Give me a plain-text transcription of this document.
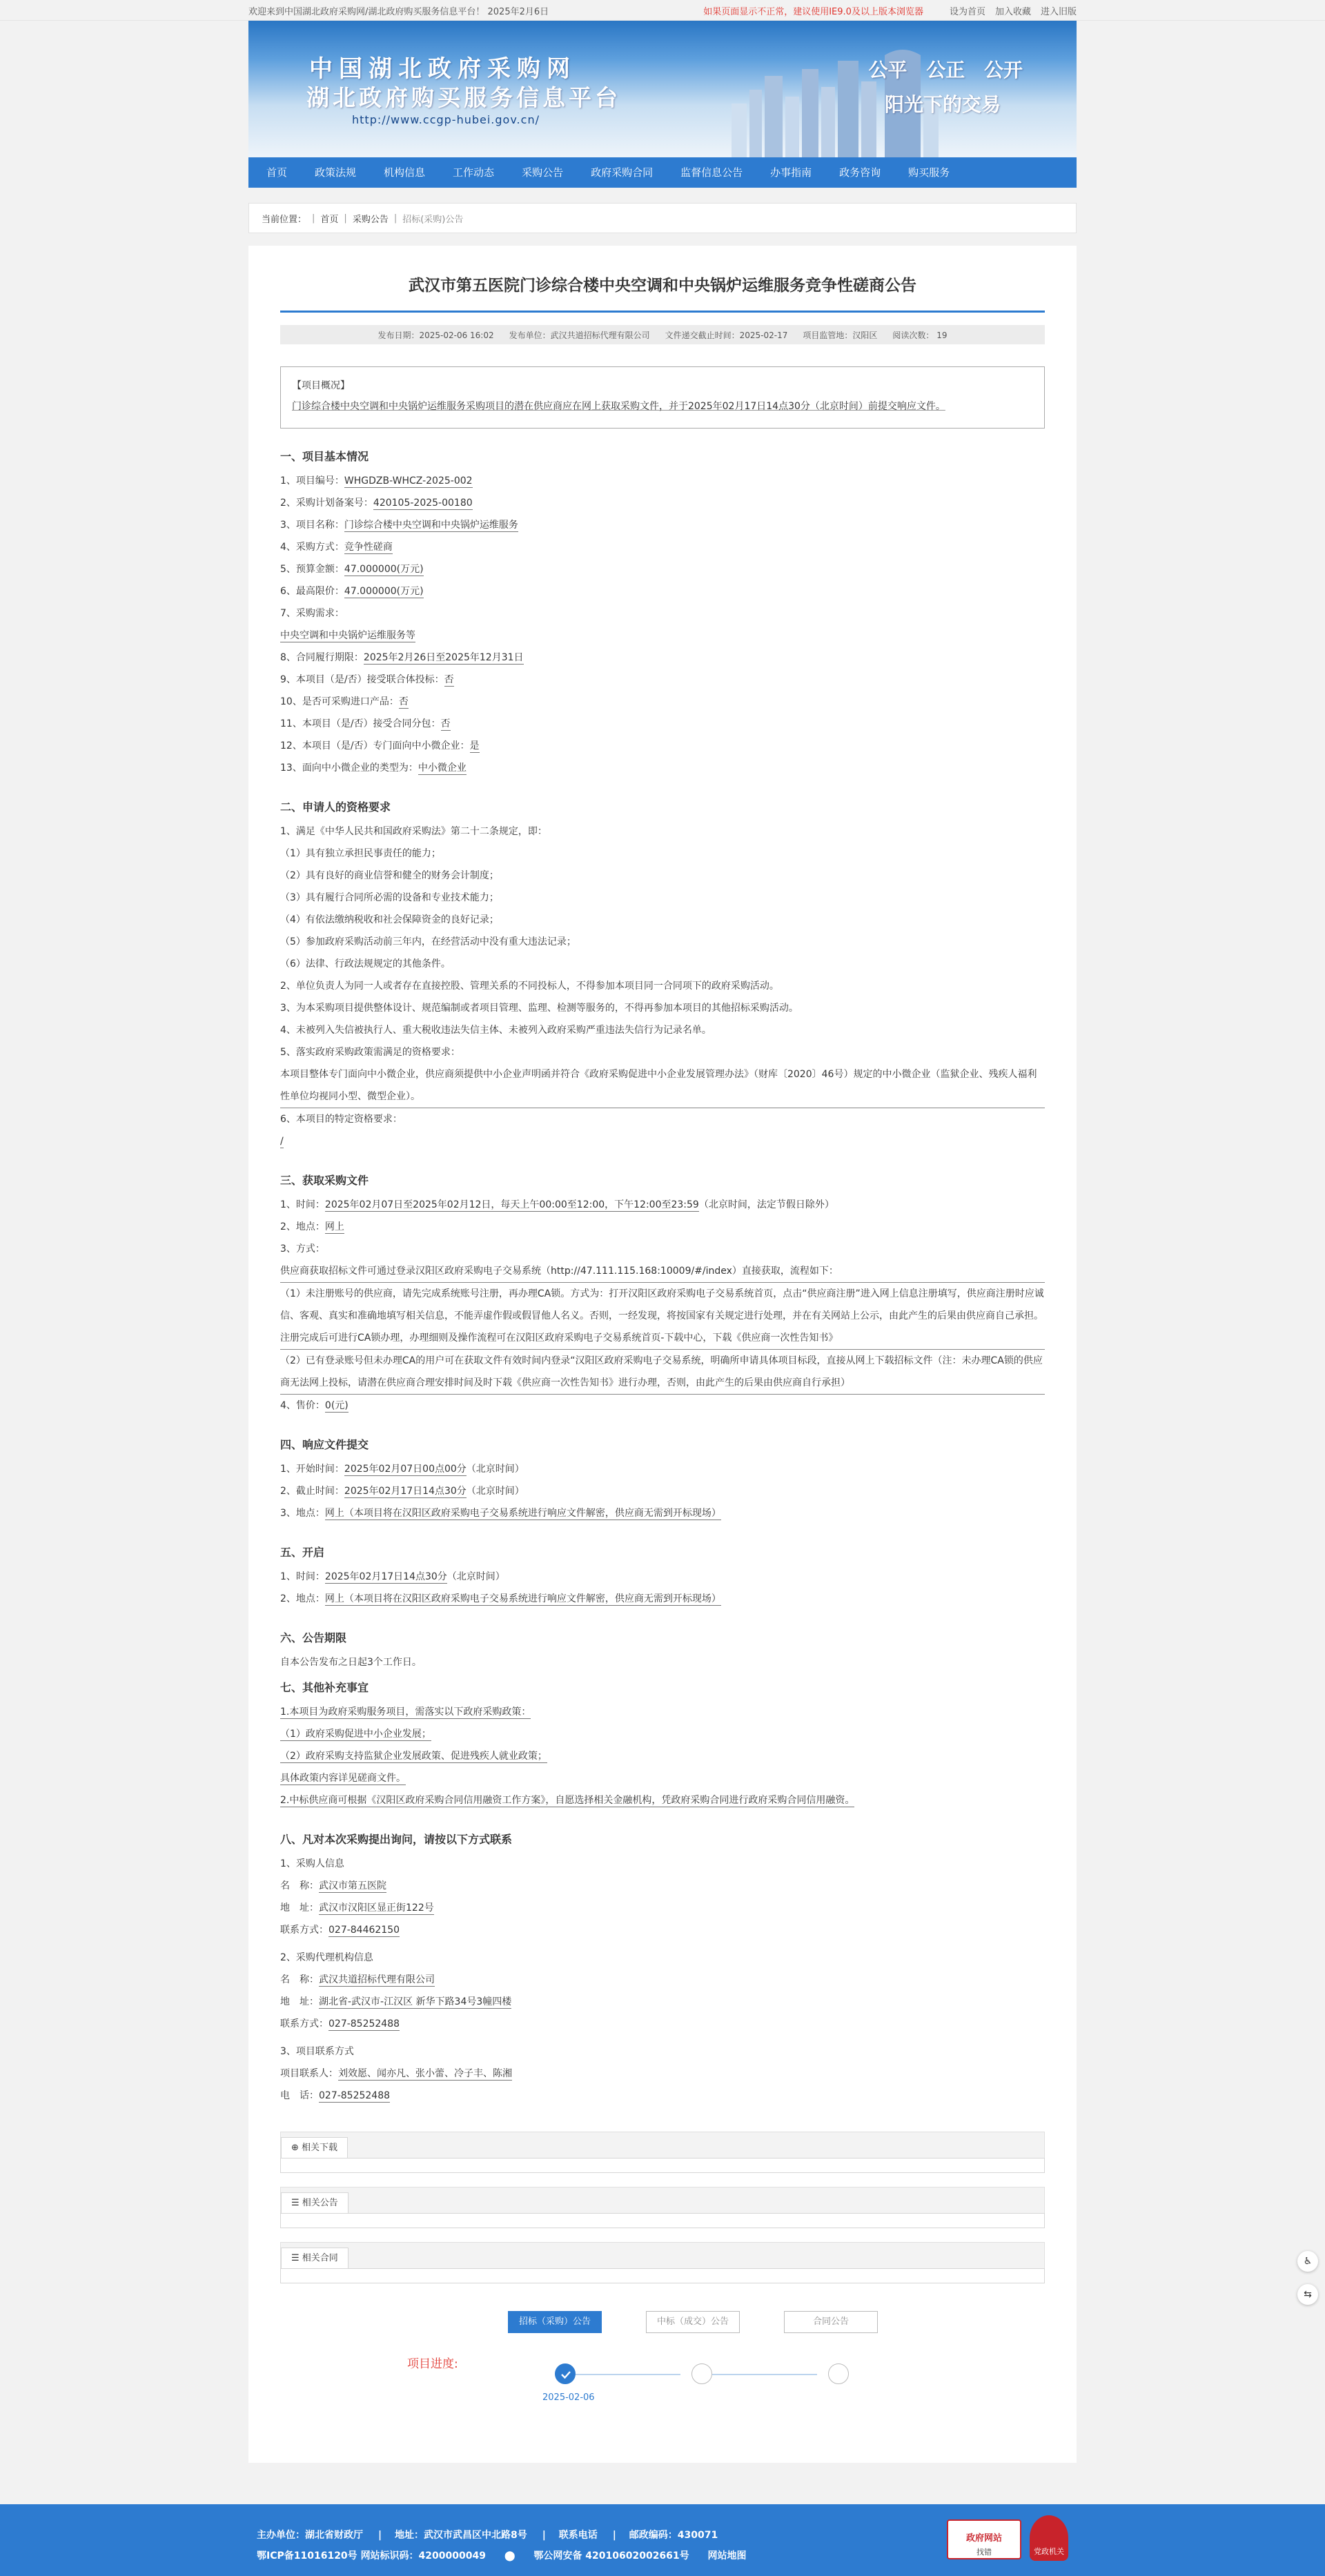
欢迎来到中国湖北政府采购网/湖北政府购买服务信息平台！ 2025年2月6日	如果页面显示不正常，建议使用IE9.0及以上版本浏览器	设为首页 加入收藏 进入旧版
中国湖北政府采购网
湖北政府购买服务信息平台
http://www.ccgp-hubei.gov.cn/
公平 公正 公开
阳光下的交易
首页	政策法规	机构信息	工作动态	采购公告	政府采购合同	监督信息公告	办事指南	政务咨询	购买服务
当前位置： | 首页 | 采购公告 | 招标(采购)公告
武汉市第五医院门诊综合楼中央空调和中央锅炉运维服务竞争性磋商公告
发布日期：2025-02-06 16:02 发布单位：武汉共道招标代理有限公司 文件递交截止时间：2025-02-17 项目监管地：汉阳区 阅读次数： 19
【项目概况】
门诊综合楼中央空调和中央锅炉运维服务采购项目的潜在供应商应在网上获取采购文件，并于2025年02月17日14点30分（北京时间）前提交响应文件。
一、项目基本情况
1、项目编号：WHGDZB-WHCZ-2025-002
2、采购计划备案号：420105-2025-00180
3、项目名称：门诊综合楼中央空调和中央锅炉运维服务
4、采购方式：竞争性磋商
5、预算金额：47.000000(万元)
6、最高限价：47.000000(万元)
7、采购需求：
中央空调和中央锅炉运维服务等
8、合同履行期限：2025年2月26日至2025年12月31日
9、本项目（是/否）接受联合体投标：否
10、是否可采购进口产品：否
11、本项目（是/否）接受合同分包：否
12、本项目（是/否）专门面向中小微企业：是
13、面向中小微企业的类型为：中小微企业
二、申请人的资格要求
1、满足《中华人民共和国政府采购法》第二十二条规定，即：
（1）具有独立承担民事责任的能力；
（2）具有良好的商业信誉和健全的财务会计制度；
（3）具有履行合同所必需的设备和专业技术能力；
（4）有依法缴纳税收和社会保障资金的良好记录；
（5）参加政府采购活动前三年内，在经营活动中没有重大违法记录；
（6）法律、行政法规规定的其他条件。
2、单位负责人为同一人或者存在直接控股、管理关系的不同投标人，不得参加本项目同一合同项下的政府采购活动。
3、为本采购项目提供整体设计、规范编制或者项目管理、监理、检测等服务的，不得再参加本项目的其他招标采购活动。
4、未被列入失信被执行人、重大税收违法失信主体、未被列入政府采购严重违法失信行为记录名单。
5、落实政府采购政策需满足的资格要求：
本项目整体专门面向中小微企业，供应商须提供中小企业声明函并符合《政府采购促进中小企业发展管理办法》（财库〔2020〕46号）规定的中小微企业（监狱企业、残疾人福利性单位均视同小型、微型企业）。
6、本项目的特定资格要求：
/
三、获取采购文件
1、时间：2025年02月07日至2025年02月12日，每天上午00:00至12:00，下午12:00至23:59（北京时间，法定节假日除外）
2、地点：网上
3、方式：
供应商获取招标文件可通过登录汉阳区政府采购电子交易系统（http://47.111.115.168:10009/#/index）直接获取，流程如下：
（1）未注册账号的供应商，请先完成系统账号注册，再办理CA锁。方式为：打开汉阳区政府采购电子交易系统首页，点击“供应商注册”进入网上信息注册填写，供应商注册时应诚信、客观、真实和准确地填写相关信息，不能弄虚作假或假冒他人名义。否则，一经发现，将按国家有关规定进行处理，并在有关网站上公示，由此产生的后果由供应商自己承担。注册完成后可进行CA锁办理，办理细则及操作流程可在汉阳区政府采购电子交易系统首页-下载中心，下载《供应商一次性告知书》
（2）已有登录账号但未办理CA的用户可在获取文件有效时间内登录“汉阳区政府采购电子交易系统，明确所申请具体项目标段，直接从网上下载招标文件（注：未办理CA锁的供应商无法网上投标，请潜在供应商合理安排时间及时下载《供应商一次性告知书》进行办理，否则，由此产生的后果由供应商自行承担）
4、售价：0(元)
四、响应文件提交
1、开始时间：2025年02月07日00点00分（北京时间）
2、截止时间：2025年02月17日14点30分（北京时间）
3、地点：网上（本项目将在汉阳区政府采购电子交易系统进行响应文件解密，供应商无需到开标现场）
五、开启
1、时间：2025年02月17日14点30分（北京时间）
2、地点：网上（本项目将在汉阳区政府采购电子交易系统进行响应文件解密，供应商无需到开标现场）
六、公告期限
自本公告发布之日起3个工作日。
七、其他补充事宜
1.本项目为政府采购服务项目，需落实以下政府采购政策：
（1）政府采购促进中小企业发展；
（2）政府采购支持监狱企业发展政策、促进残疾人就业政策；
具体政策内容详见磋商文件。
2.中标供应商可根据《汉阳区政府采购合同信用融资工作方案》，自愿选择相关金融机构，凭政府采购合同进行政府采购合同信用融资。
八、凡对本次采购提出询问，请按以下方式联系
1、采购人信息
名　称：武汉市第五医院
地　址：武汉市汉阳区显正街122号
联系方式：027-84462150
2、采购代理机构信息
名　称：武汉共道招标代理有限公司
地　址：湖北省-武汉市-江汉区 新华下路34号3幢四楼
联系方式：027-85252488
3、项目联系方式
项目联系人：刘效愿、闻亦凡、张小蕾、冷子丰、陈湘
电　话：027-85252488
⊕ 相关下载
☰ 相关公告
☰ 相关合同
项目进度:
招标（采购）公告	中标（成交）公告	合同公告
2025-02-06
主办单位：湖北省财政厅 | 地址：武汉市武昌区中北路8号 | 联系电话 | 邮政编码：430071
鄂ICP备11016120号 网站标识码：4200000049 ⬤ 鄂公网安备 42010602002661号 网站地图
政府网站
找错	党政机关
♿
⇆
